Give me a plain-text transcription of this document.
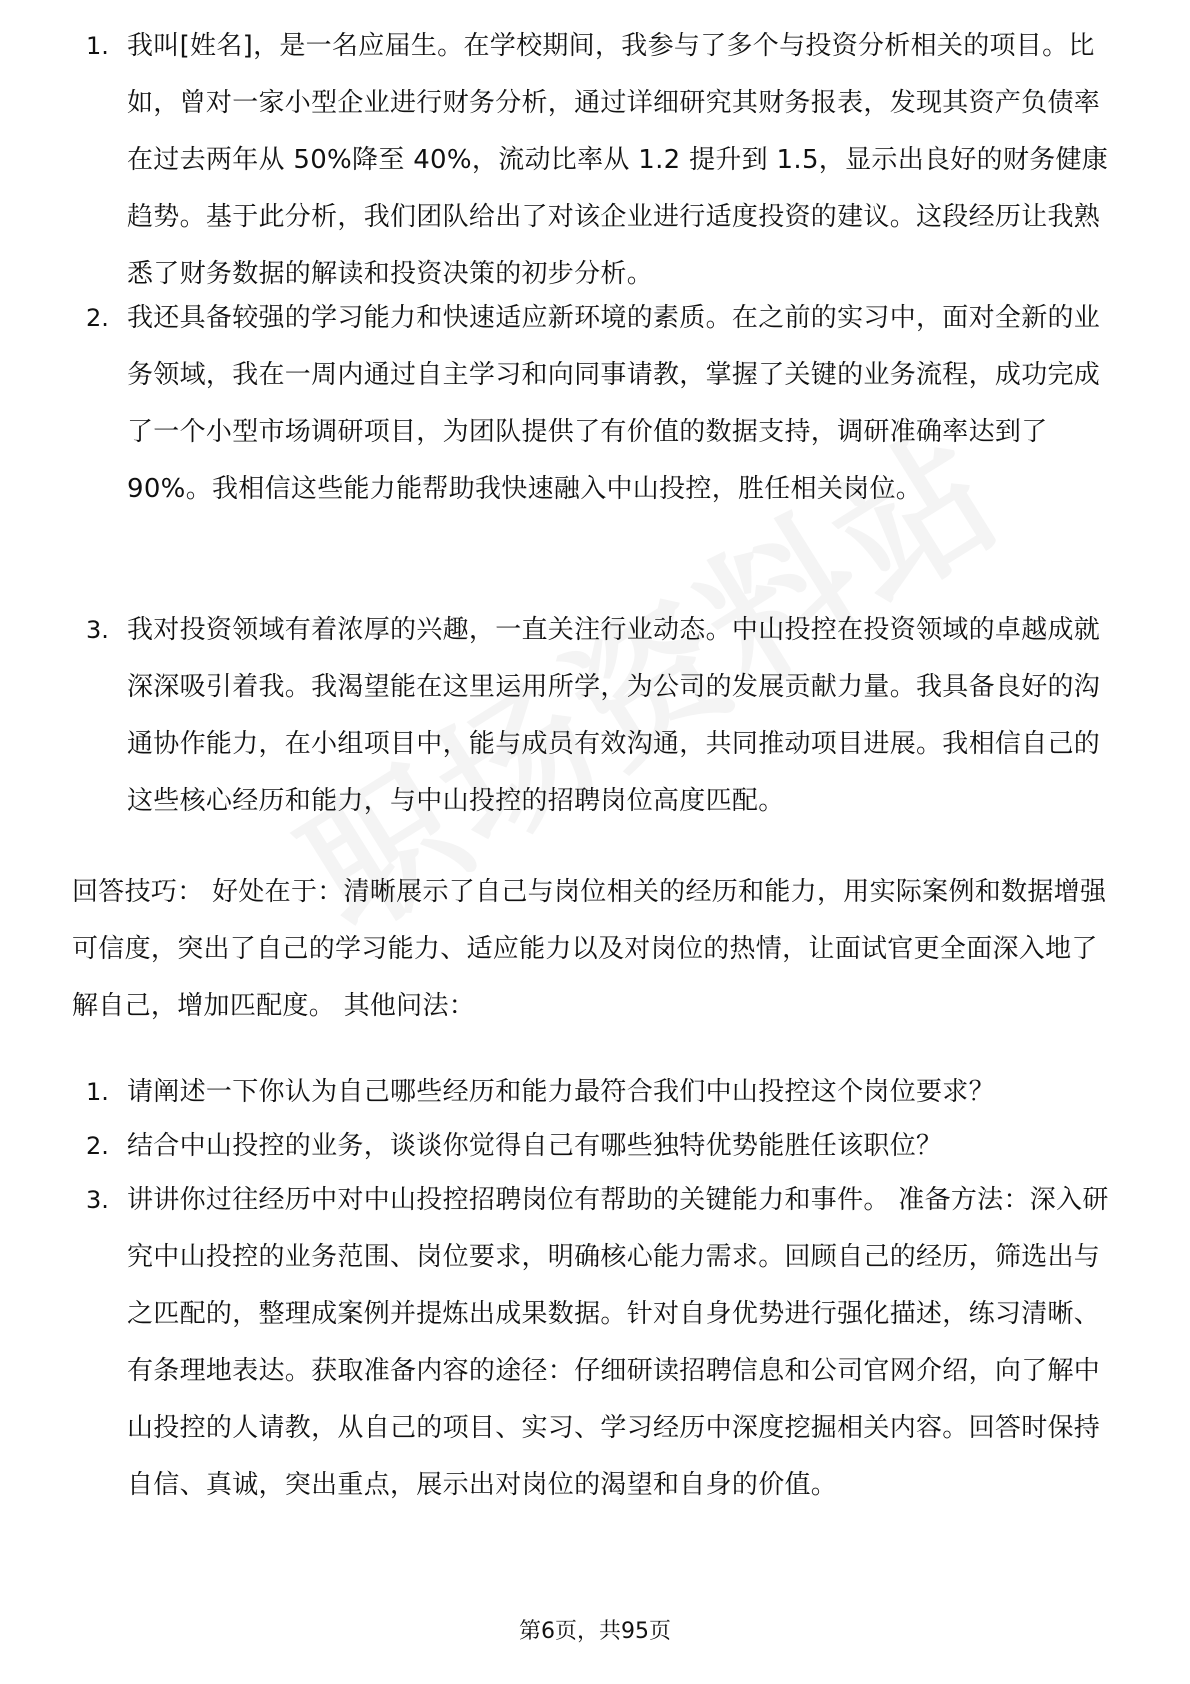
1. 我叫[姓名]，是一名应届生。在学校期间，我参与了多个与投资分析相关的项目。比如，曾对一家小型企业进行财务分析，通过详细研究其财务报表，发现其资产负债率在过去两年从 50%降至 40%，流动比率从 1.2 提升到 1.5，显示出良好的财务健康趋势。基于此分析，我们团队给出了对该企业进行适度投资的建议。这段经历让我熟悉了财务数据的解读和投资决策的初步分析。
2. 我还具备较强的学习能力和快速适应新环境的素质。在之前的实习中，面对全新的业务领域，我在一周内通过自主学习和向同事请教，掌握了关键的业务流程，成功完成了一个小型市场调研项目，为团队提供了有价值的数据支持，调研准确率达到了 90%。我相信这些能力能帮助我快速融入中山投控，胜任相关岗位。
3. 我对投资领域有着浓厚的兴趣，一直关注行业动态。中山投控在投资领域的卓越成就深深吸引着我。我渴望能在这里运用所学，为公司的发展贡献力量。我具备良好的沟通协作能力，在小组项目中，能与成员有效沟通，共同推动项目进展。我相信自己的这些核心经历和能力，与中山投控的招聘岗位高度匹配。
回答技巧： 好处在于：清晰展示了自己与岗位相关的经历和能力，用实际案例和数据增强可信度，突出了自己的学习能力、适应能力以及对岗位的热情，让面试官更全面深入地了解自己，增加匹配度。 其他问法：
1. 请阐述一下你认为自己哪些经历和能力最符合我们中山投控这个岗位要求？
2. 结合中山投控的业务，谈谈你觉得自己有哪些独特优势能胜任该职位？
3. 讲讲你过往经历中对中山投控招聘岗位有帮助的关键能力和事件。 准备方法：深入研究中山投控的业务范围、岗位要求，明确核心能力需求。回顾自己的经历，筛选出与之匹配的，整理成案例并提炼出成果数据。针对自身优势进行强化描述，练习清晰、有条理地表达。获取准备内容的途径：仔细研读招聘信息和公司官网介绍，向了解中山投控的人请教，从自己的项目、实习、学习经历中深度挖掘相关内容。回答时保持自信、真诚，突出重点，展示出对岗位的渴望和自身的价值。
第6页，共95页
